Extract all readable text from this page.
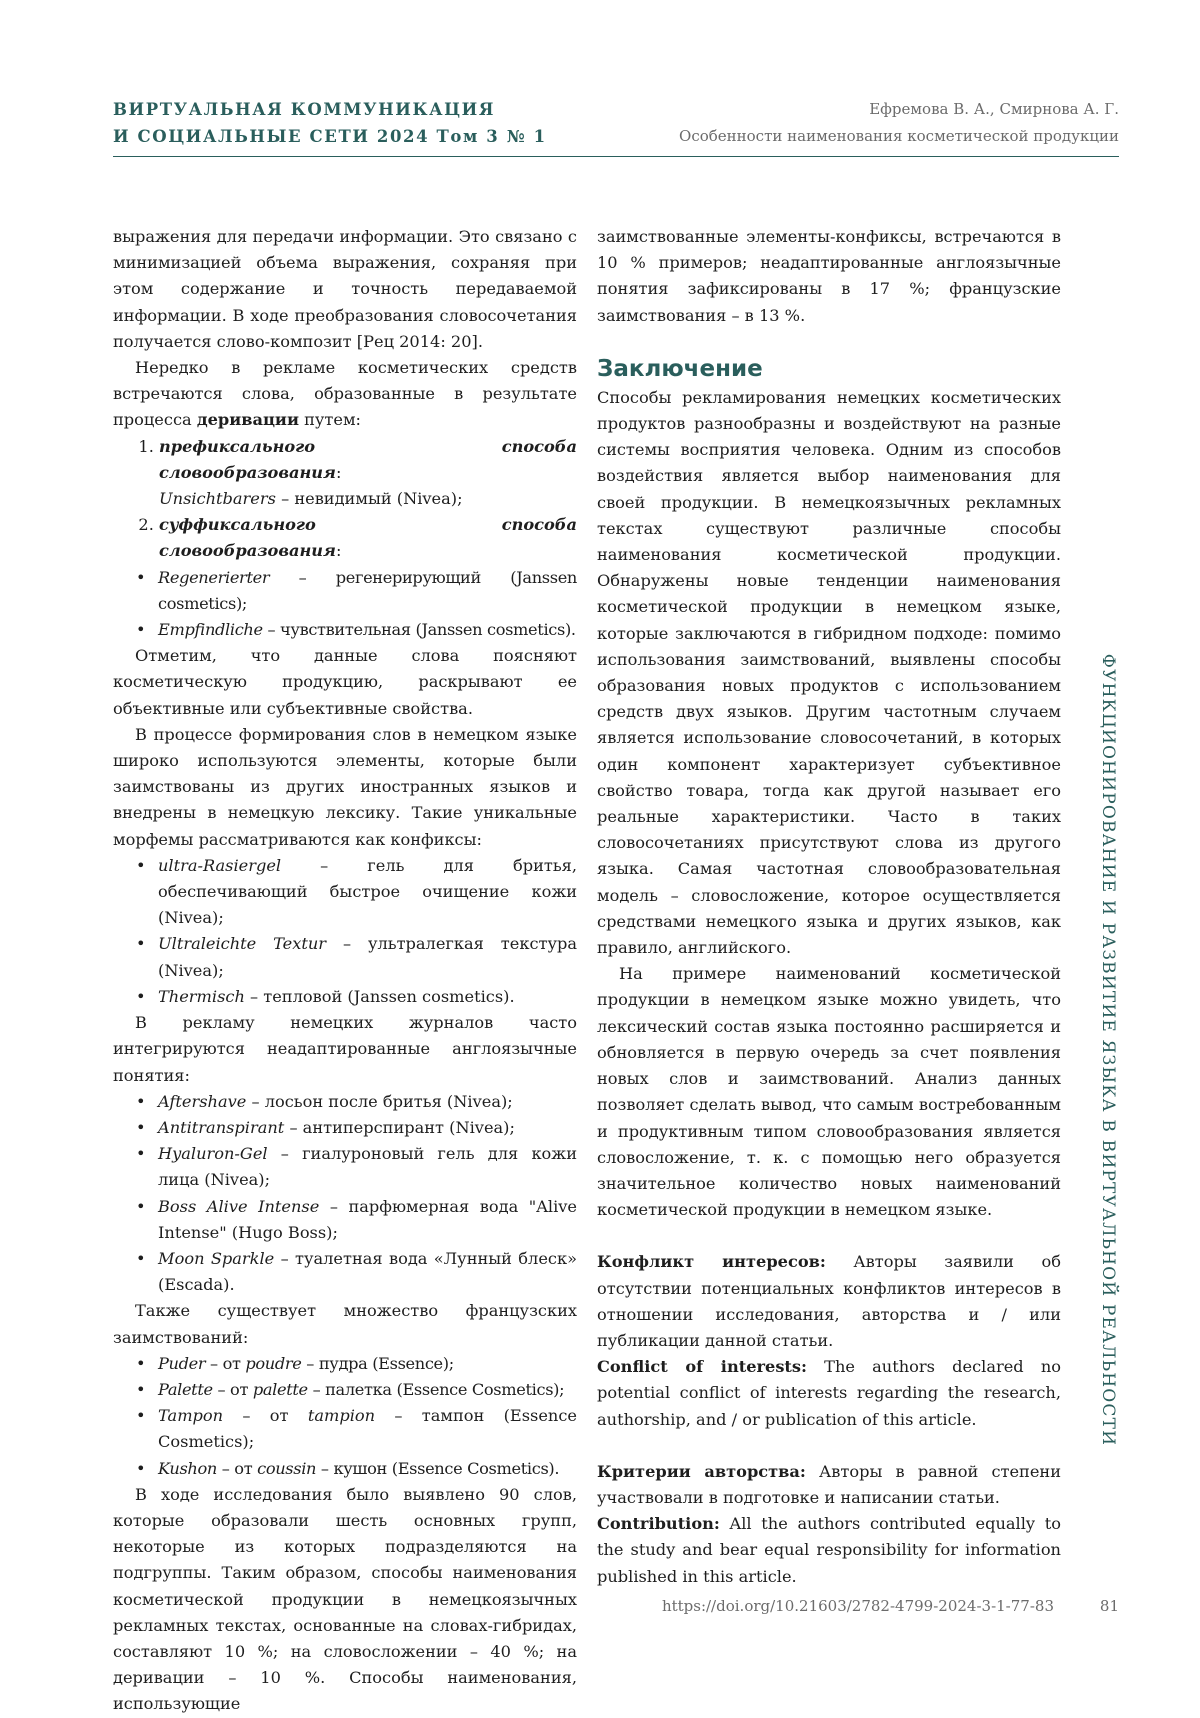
ВИРТУАЛЬНАЯ КОММУНИКАЦИЯ
И СОЦИАЛЬНЫЕ СЕТИ 2024 Том 3 № 1
Ефремова В. А., Смирнова А. Г.
Особенности наименования косметической продукции

выражения для передачи информации. Это связано с минимизацией объема выражения, сохраняя при этом содержание и точность передаваемой информации. В ходе преобразования словосочетания получается слово-композит [Рец 2014: 20].

Нередко в рекламе косметических средств встречаются слова, образованные в результате процесса деривации путем:

1. префиксального способа словообразования:
Unsichtbarers – невидимый (Nivea);
2. суффиксального способа словообразования:
• Regenerierter – регенерирующий (Janssen cosmetics);
• Empfindliche – чувствительная (Janssen cosmetics).

Отметим, что данные слова поясняют косметическую продукцию, раскрывают ее объективные или субъективные свойства.

В процессе формирования слов в немецком языке широко используются элементы, которые были заимствованы из других иностранных языков и внедрены в немецкую лексику. Такие уникальные морфемы рассматриваются как конфиксы:

• ultra-Rasiergel – гель для бритья, обеспечивающий быстрое очищение кожи (Nivea);
• Ultraleichte Textur – ультралегкая текстура (Nivea);
• Thermisch – тепловой (Janssen cosmetics).

В рекламу немецких журналов часто интегрируются неадаптированные англоязычные понятия:

• Aftershave – лосьон после бритья (Nivea);
• Antitranspirant – антиперспирант (Nivea);
• Hyaluron-Gel – гиалуроновый гель для кожи лица (Nivea);
• Boss Alive Intense – парфюмерная вода "Alive Intense" (Hugo Boss);
• Moon Sparkle – туалетная вода «Лунный блеск» (Escada).

Также существует множество французских заимствований:

• Puder – от poudre – пудра (Essence);
• Palette – от palette – палетка (Essence Cosmetics);
• Tampon – от tampion – тампон (Essence Cosmetics);
• Kushon – от coussin – кушон (Essence Cosmetics).

В ходе исследования было выявлено 90 слов, которые образовали шесть основных групп, некоторые из которых подразделяются на подгруппы. Таким образом, способы наименования косметической продукции в немецкоязычных рекламных текстах, основанные на словах-гибридах, составляют 10 %; на словосложении – 40 %; на деривации – 10 %. Способы наименования, использующие

заимствованные элементы-конфиксы, встречаются в 10 % примеров; неадаптированные англоязычные понятия зафиксированы в 17 %; французские заимствования – в 13 %.

Заключение

Способы рекламирования немецких косметических продуктов разнообразны и воздействуют на разные системы восприятия человека. Одним из способов воздействия является выбор наименования для своей продукции. В немецкоязычных рекламных текстах существуют различные способы наименования косметической продукции. Обнаружены новые тенденции наименования косметической продукции в немецком языке, которые заключаются в гибридном подходе: помимо использования заимствований, выявлены способы образования новых продуктов с использованием средств двух языков. Другим частотным случаем является использование словосочетаний, в которых один компонент характеризует субъективное свойство товара, тогда как другой называет его реальные характеристики. Часто в таких словосочетаниях присутствуют слова из другого языка. Самая частотная словообразовательная модель – словосложение, которое осуществляется средствами немецкого языка и других языков, как правило, английского.

На примере наименований косметической продукции в немецком языке можно увидеть, что лексический состав языка постоянно расширяется и обновляется в первую очередь за счет появления новых слов и заимствований. Анализ данных позволяет сделать вывод, что самым востребованным и продуктивным типом словообразования является словосложение, т. к. с помощью него образуется значительное количество новых наименований косметической продукции в немецком языке.

Конфликт интересов: Авторы заявили об отсутствии потенциальных конфликтов интересов в отношении исследования, авторства и / или публикации данной статьи.

Conflict of interests: The authors declared no potential conflict of interests regarding the research, authorship, and / or publication of this article.

Критерии авторства: Авторы в равной степени участвовали в подготовке и написании статьи.

Contribution: All the authors contributed equally to the study and bear equal responsibility for information published in this article.

ФУНКЦИОНИРОВАНИЕ И РАЗВИТИЕ ЯЗЫКА В ВИРТУАЛЬНОЙ РЕАЛЬНОСТИ
https://doi.org/10.21603/2782-4799-2024-3-1-77-83	81
